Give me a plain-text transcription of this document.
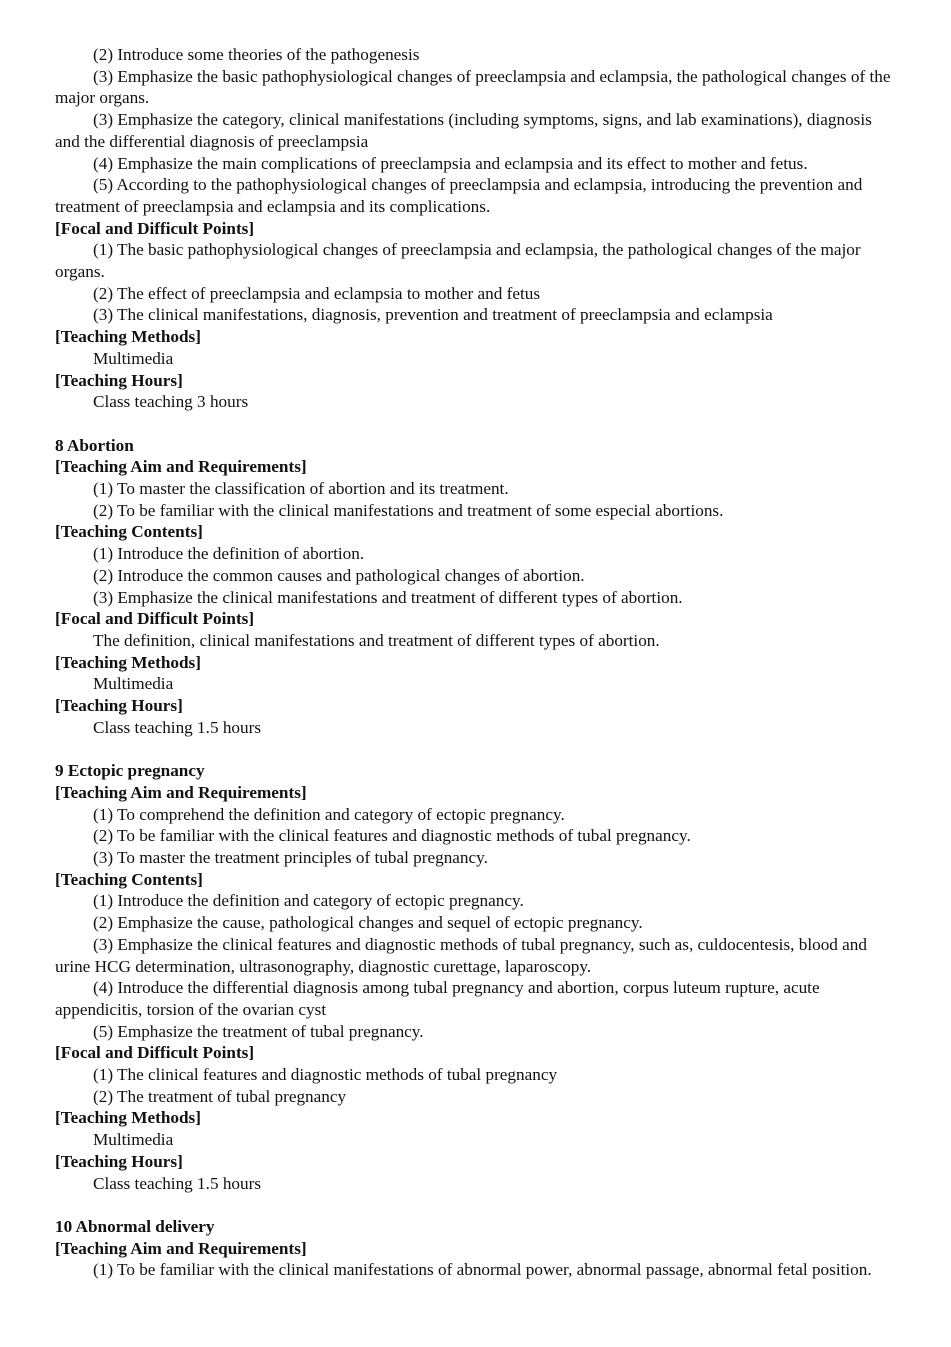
(2) Introduce some theories of the pathogenesis

(3) Emphasize the basic pathophysiological changes of preeclampsia and eclampsia, the pathological changes of the major organs.

(3) Emphasize the category, clinical manifestations (including symptoms, signs, and lab examinations), diagnosis and the differential diagnosis of preeclampsia

(4) Emphasize the main complications of preeclampsia and eclampsia and its effect to mother and fetus.

(5) According to the pathophysiological changes of preeclampsia and eclampsia, introducing the prevention and treatment of preeclampsia and eclampsia and its complications.

[Focal and Difficult Points]

(1) The basic pathophysiological changes of preeclampsia and eclampsia, the pathological changes of the major organs.

(2) The effect of preeclampsia and eclampsia to mother and fetus

(3) The clinical manifestations, diagnosis, prevention and treatment of preeclampsia and eclampsia

[Teaching Methods]

Multimedia

[Teaching Hours]

Class teaching 3 hours

8 Abortion

[Teaching Aim and Requirements]

(1) To master the classification of abortion and its treatment.

(2) To be familiar with the clinical manifestations and treatment of some especial abortions.

[Teaching Contents]

(1) Introduce the definition of abortion.

(2) Introduce the common causes and pathological changes of abortion.

(3) Emphasize the clinical manifestations and treatment of different types of abortion.

[Focal and Difficult Points]

The definition, clinical manifestations and treatment of different types of abortion.

[Teaching Methods]

Multimedia

[Teaching Hours]

Class teaching 1.5 hours

9 Ectopic pregnancy

[Teaching Aim and Requirements]

(1) To comprehend the definition and category of ectopic pregnancy.

(2) To be familiar with the clinical features and diagnostic methods of tubal pregnancy.

(3) To master the treatment principles of tubal pregnancy.

[Teaching Contents]

(1) Introduce the definition and category of ectopic pregnancy.

(2) Emphasize the cause, pathological changes and sequel of ectopic pregnancy.

(3) Emphasize the clinical features and diagnostic methods of tubal pregnancy, such as, culdocentesis, blood and urine HCG determination, ultrasonography, diagnostic curettage, laparoscopy.

(4) Introduce the differential diagnosis among tubal pregnancy and abortion, corpus luteum rupture, acute appendicitis, torsion of the ovarian cyst

(5) Emphasize the treatment of tubal pregnancy.

[Focal and Difficult Points]

(1) The clinical features and diagnostic methods of tubal pregnancy

(2) The treatment of tubal pregnancy

[Teaching Methods]

Multimedia

[Teaching Hours]

Class teaching 1.5 hours

10 Abnormal delivery

[Teaching Aim and Requirements]

(1) To be familiar with the clinical manifestations of abnormal power, abnormal passage, abnormal fetal position.
